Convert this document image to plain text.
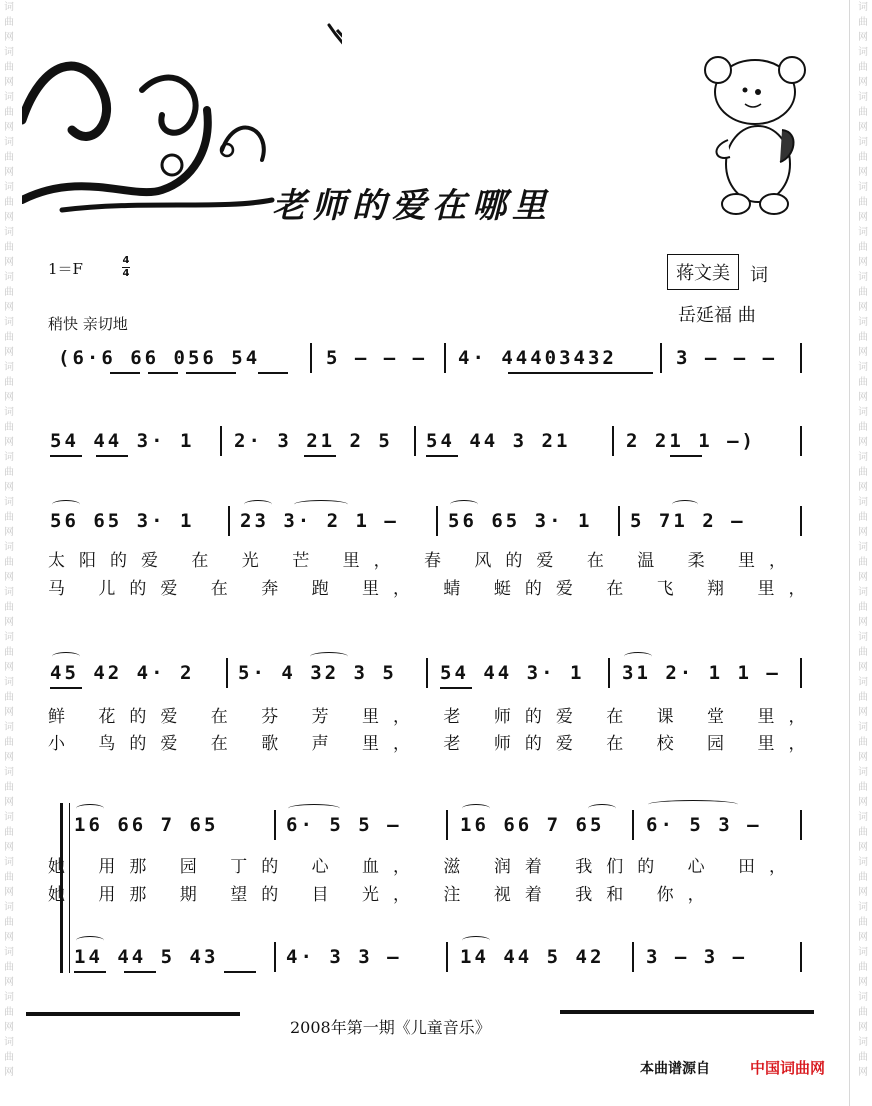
词
曲
网
词
曲
网
词
曲
网
词
曲
网
词
曲
网
词
曲
网
词
曲
网
词
曲
网
词
曲
网
词
曲
网
词
曲
网
词
曲
网
词
曲
网
词
曲
网
词
曲
网
词
曲
网
词
曲
网
词
曲
网
词
曲
网
词
曲
网
词
曲
网
词
曲
网
词
曲
网
词
曲
网
词
曲
网
词
曲
网
词
曲
网
词
曲
网
词
曲
网
词
曲
网
词
曲
网
词
曲
网
词
曲
网
词
曲
网
词
曲
网
词
曲
网
词
曲
网
词
曲
网
词
曲
网
词
曲
网
词
曲
网
词
曲
网
词
曲
网
词
曲
网
词
曲
网
词
曲
网
词
曲
网
词
曲
网
老师的爱在哪里
1＝F	4
4
稍快 亲切地
蒋文美	词
岳延福 曲
(6·6 66 056 54	5 — — — 4· 44403432	3 — — —
54 44 3· 1 2· 3 21 2 5 54 44 3 21	2 21 1 —)
56 65 3· 1 23 3· 2 1 —	56 65 3· 1 5 71 2 —
太阳的爱 在 光 芒 里， 春 风的爱 在 温 柔 里，
马 儿的爱 在 奔 跑 里， 蜻 蜓的爱 在 飞 翔 里，
45 42 4· 2 5· 4 32 3 5 54 44 3· 1 31 2· 1 1 —
鲜 花的爱 在 芬 芳 里， 老 师的爱 在 课 堂 里，
小 鸟的爱 在 歌 声 里， 老 师的爱 在 校 园 里，
16 66 7 65	6· 5 5 —	16 66 7 65 6· 5 3 —
她 用那 园 丁的 心 血， 滋 润着 我们的 心 田，
她 用那 期 望的 目 光， 注 视着 我和 你，
14 44 5 43	4· 3 3 —	14 44 5 42 3 — 3 —
2008年第一期《儿童音乐》
本曲谱源自	中国词曲网
